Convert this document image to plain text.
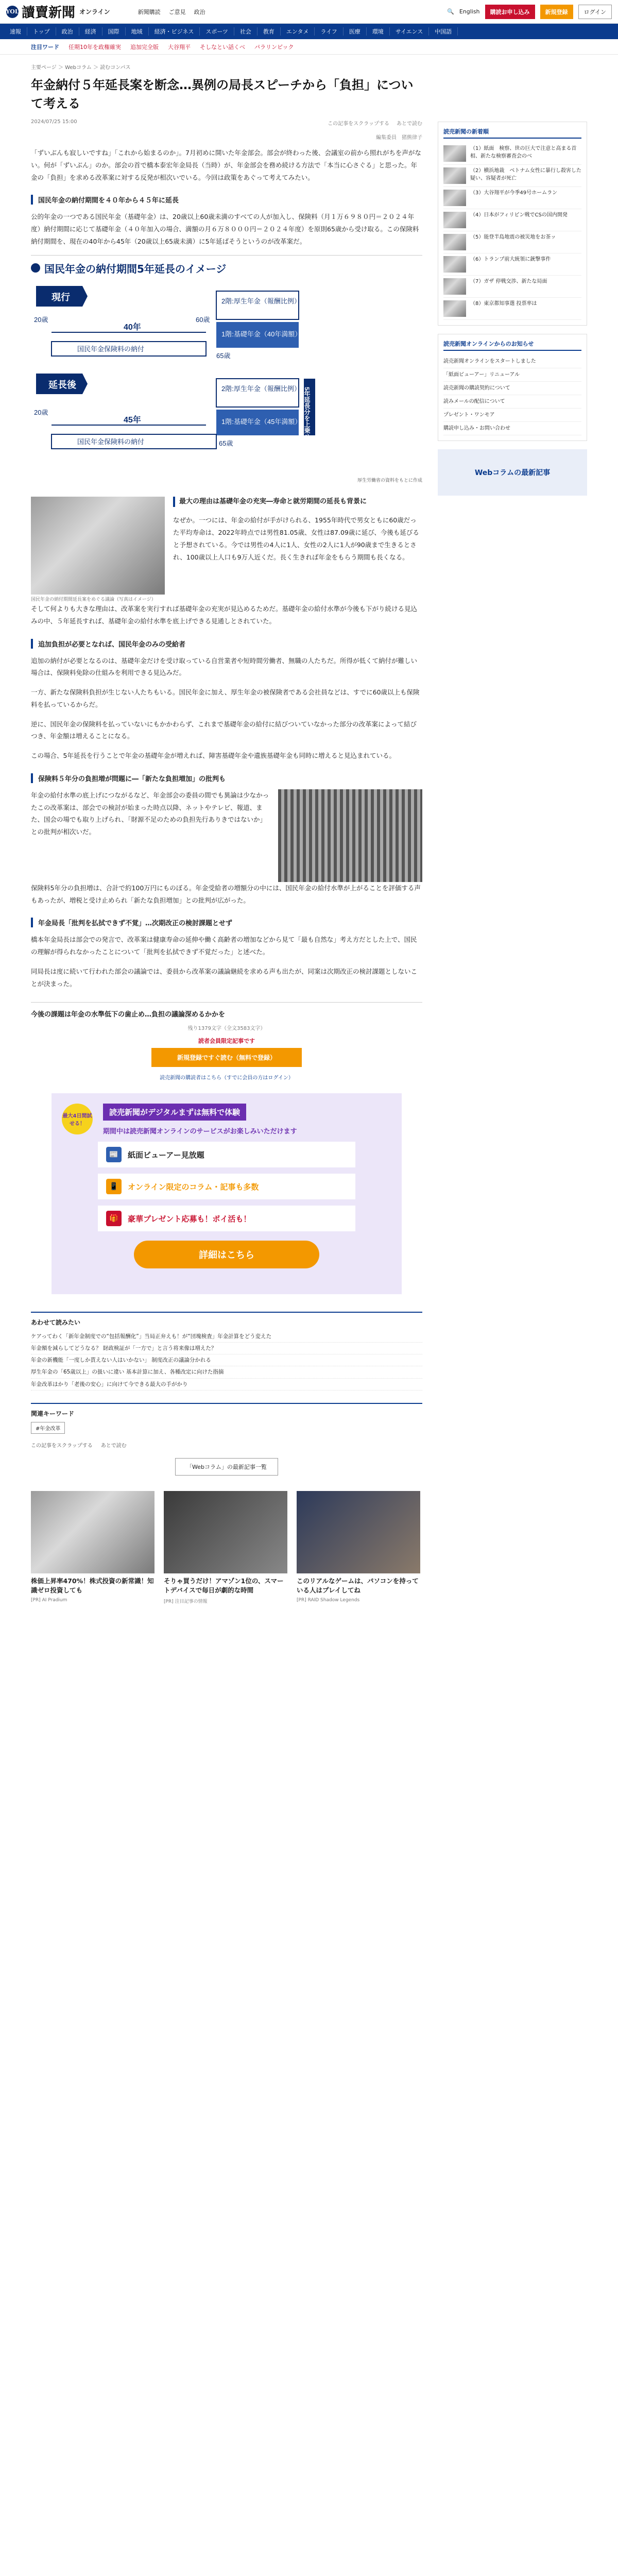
YOL 讀賣新聞 オンライン	新聞購読 ご意見 政治	🔍 English	購読お申し込み	新規登録	ログイン
速報	トップ	政治	経済	国際	地域	経済・ビジネス	スポーツ	社会	教育	エンタメ	ライフ	医療	環境	サイエンス	中国語
注目ワード 任期10年を政権確実 追加完全版 大谷翔平 そしなとい話くべ パラリンピック
主要ページ ＞ Webコラム ＞ 読むコンパス
年金納付５年延長案を断念…異例の局長スピーチから「負担」について考える
2024/07/25 15:00	この記事をスクラップする あとで読む
編集委員　猪熊律子

「ずいぶんも寂しいですね」「これから始まるのか」。7月初めに開いた年金部会。部会が終わった後、会議室の前から照れがちを声がない。何が「ずいぶん」のか。部会の首で橋本泰宏年金局長（当時）が、年金部会を務め続ける方法で「本当に心さぐる」と思った。年金の「負担」を求める改革案に対する反発が相次いでいる。今回は政策をあぐって考えてみたい。

国民年金の納付期間を４０年から４５年に延長

公的年金の一つである国民年金（基礎年金）は、20歳以上60歳未満のすべての人が加入し、保険料（月１万６９８０円＝２０２４年度）納付期間に応じて基礎年金（４０年加入の場合、満額の月６万８０００円＝２０２４年度）を原則65歳から受け取る。この保険料納付期間を、現在の40年から45年（20歳以上65歳未満）に5年延ばそうというのが改革案だ。

国民年金の納付期間5年延長のイメージ
現行	2階:厚生年金（報酬比例）
1階:基礎年金（40年満額）
40年
20歳	60歳
国民年金保険料の納付
65歳
延長後	2階:厚生年金（報酬比例）
1階:基礎年金（45年満額） 5年延長分を上乗せ
45年
20歳
国民年金保険料の納付	65歳
厚生労働省の資料をもとに作成
国民年金の納付期間延長案をめぐる議論（写真はイメージ）
最大の理由は基礎年金の充実―寿命と就労期間の延長も背景に

なぜか。一つには、年金の給付が手がけられる、1955年時代で男女ともに60歳だった平均寿命は、2022年時点では男性81.05歳、女性は87.09歳に延び、今後も延びると予想されている。今では男性の4人に1人、女性の2人に1人が90歳まで生きるとされ、100歳以上人口も9万人近くだ。長く生きれば年金をもらう期間も長くなる。

そして何よりも大きな理由は、改革案を実行すれば基礎年金の充実が見込めるためだ。基礎年金の給付水準が今後も下がり続ける見込みの中、５年延長すれば、基礎年金の給付水準を底上げできる見通しとされていた。

追加負担が必要となれば、国民年金のみの受給者

追加の納付が必要となるのは、基礎年金だけを受け取っている自営業者や短時間労働者、無職の人たちだ。所得が低くて納付が難しい場合は、保険料免除の仕組みを利用できる見込みだ。

一方、新たな保険料負担が生じない人たちもいる。国民年金に加え、厚生年金の被保険者である会社員などは、すでに60歳以上も保険料を払っているからだ。

逆に、国民年金の保険料を払っていないにもかかわらず、これまで基礎年金の給付に結びついていなかった部分の改革案によって結びつき、年金額は増えることになる。

この場合、5年延長を行うことで年金の基礎年金が増えれば、障害基礎年金や遺族基礎年金も同時に増えると見込まれている。

保険料５年分の負担増が問題に―「新たな負担増加」の批判も

年金の給付水準の底上げにつながるなど、年金部会の委員の間でも異論は少なかったこの改革案は、部会での検討が始まった時点以降、ネットやテレビ、報道、また、国会の場でも取り上げられ、「財源不足のための負担先行ありきではないか」との批判が相次いだ。

保険料5年分の負担増は、合計で約100万円にものぼる。年金受給者の増額分の中には、国民年金の給付水準が上がることを評価する声もあったが、増税と受け止められ「新たな負担増加」との批判が広がった。

年金局長「批判を払拭できず不覚」…次期改正の検討課題とせず

橋本年金局長は部会での発言で、改革案は健康寿命の延伸や働く高齢者の増加などから見て「最も自然な」考え方だとした上で、国民の理解が得られなかったことについて「批判を払拭できず不覚だった」と述べた。

同局長は度に続いて行われた部会の議論では、委員から改革案の議論継続を求める声も出たが、同案は次期改正の検討課題としないことが決まった。

今後の課題は年金の水準低下の歯止め…負担の議論深めるかかを
残り1379文字（全文3583文字）
読者会員限定記事です
新規登録ですぐ読む（無料で登録）
読売新聞の購読者はこちら（すでに会員の方はログイン）
最大4日間試せる！
読売新聞がデジタルまずは無料で体験
期間中は読売新聞オンラインのサービスがお楽しみいただけます
📰	紙面ビューアー見放題
📱	オンライン限定のコラム・記事も多数
🎁	豪華プレゼント応募も！ポイ活も！
詳細はこちら
あわせて読みたい
ケアってわく「新年金制度での“包括報酬化”」当局正弁えも！が“団塊検査」年金計算をどう変えた
年金額を減らしてどうなる？ 財政検証が「一方で」と言う将来像は増えた？
年金の新機能「一度しか貰えない人はいかない」 制度改正の議論分かれる
厚生年金の「65歳以上」の扱いに違い 基本計算に加え、各種改定に向けた指摘
年金改革はかり「老後の安心」に向けて今できる最大の手がかり
関連キーワード
#年金改革
この記事をスクラップする あとで読む
「Webコラム」の最新記事一覧
株価上昇率470%！株式投資の新常識！知識ゼロ投資しても
[PR] AI Pradium
そりゃ買うだけ！アマゾン1位の、スマートデバイスで毎日が劇的な時間
[PR] 注目記事の情報
このリアルなゲームは、パソコンを持っている人はプレイしてね
[PR] RAID Shadow Legends
読売新聞の新着順
（1）紙面　検察、世の巨大で注意と高まる首相、新たな検察審査会のべ
（2）横浜地裁　ベトナム女性に暴行し殺害した疑い、容疑者が死亡
（3）大谷翔平が今季49号ホームラン
（4）日本がフィリピン戦でCSの国内開発
（5）能登半島地震の被災地をお茶ッ
（6）トランプ前大統領に銃撃事件
（7）ガザ 停戦交渉、新たな局面
（8）東京都知事選 投票率は
読売新聞オンラインからのお知らせ
読売新聞オンラインをスタートしました
「紙面ビューアー」リニューアル
読売新聞の購読契約について
読みメールの配信について
プレゼント・ワンモア
購読申し込み・お問い合わせ
Webコラムの最新記事
